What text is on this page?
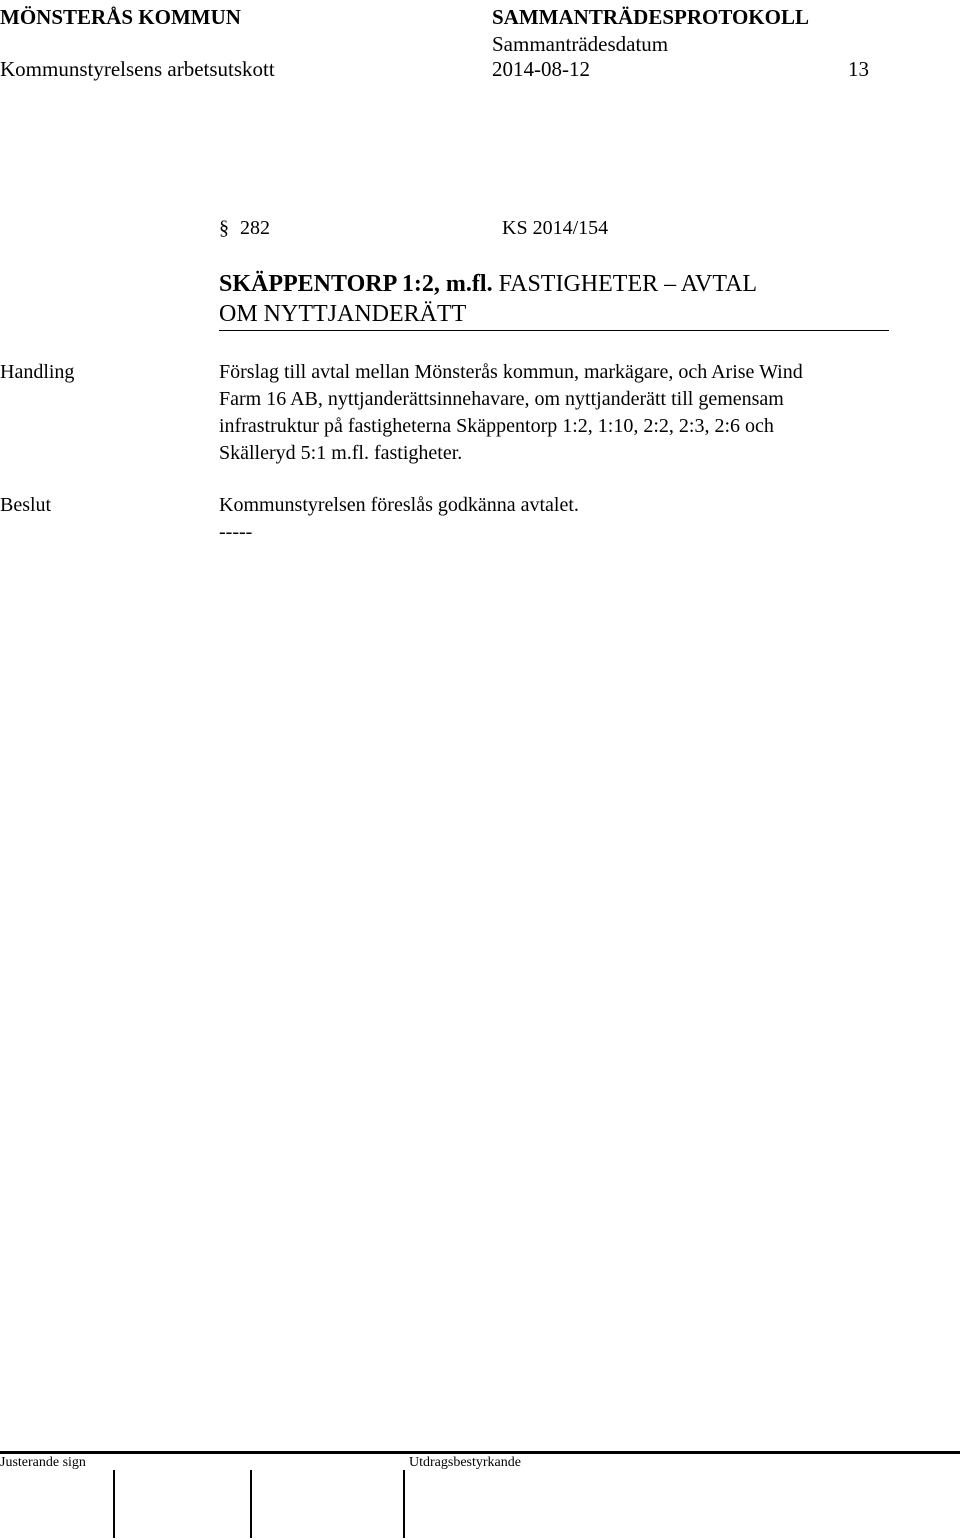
MÖNSTERÅS KOMMUN	SAMMANTRÄDESPROTOKOLL
Sammanträdesdatum
Kommunstyrelsens arbetsutskott	2014-08-12	13
§ 282	KS 2014/154
SKÄPPENTORP 1:2, m.fl. FASTIGHETER – AVTAL
OM NYTTJANDERÄTT
Handling	Förslag till avtal mellan Mönsterås kommun, markägare, och Arise Wind
Farm 16 AB, nyttjanderättsinnehavare, om nyttjanderätt till gemensam
infrastruktur på fastigheterna Skäppentorp 1:2, 1:10, 2:2, 2:3, 2:6 och
Skälleryd 5:1 m.fl. fastigheter.
Beslut	Kommunstyrelsen föreslås godkänna avtalet.
-----
Justerande sign	Utdragsbestyrkande
